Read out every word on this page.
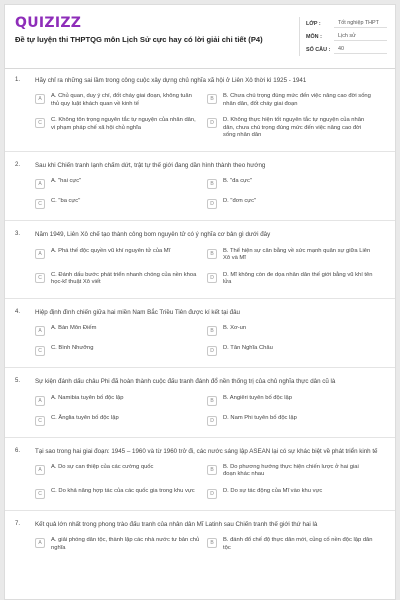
QUIZIZZ
Đề tự luyện thi THPTQG môn Lịch Sử cực hay có lời giải chi tiết (P4)
LỚP :	Tốt nghiệp THPT
MÔN :	Lịch sử
SỐ CÂU :	40
1. Hãy chỉ ra những sai lầm trong công cuộc xây dựng chủ nghĩa xã hội ở Liên Xô thời kì 1925 - 1941
A	A. Chủ quan, duy ý chí, đốt cháy giai đoạn, không tuân thủ quy luật khách quan về kinh tế
B	B. Chưa chú trọng đúng mức đến việc nâng cao đời sống nhân dân, đốt cháy giai đoạn
C	C. Không tôn trọng nguyên tắc tự nguyện của nhân dân, vi phạm pháp chế xã hội chủ nghĩa
D	D. Không thực hiện tốt nguyên tắc tự nguyện của nhân dân, chưa chú trọng đúng mức đến việc nâng cao đời sống nhân dân
2. Sau khi Chiến tranh lạnh chấm dứt, trật tự thế giới đang dần hình thành theo hướng
A	A. "hai cực"	B	B. "đa cực"
C	C. "ba cực"	D	D. "đơn cực"
3. Năm 1949, Liên Xô chế tạo thành công bom nguyên tử có ý nghĩa cơ bản gì dưới đây
A	A. Phá thế độc quyền vũ khí nguyên tử của Mĩ	B	B. Thể hiện sự cân bằng về sức mạnh quân sự giữa Liên Xô và Mĩ
C	C. Đánh dấu bước phát triển nhanh chóng của nền khoa học-kĩ thuật Xô viết
D	D. Mĩ không còn đe dọa nhân dân thế giới bằng vũ khí tên lửa
4. Hiệp định đình chiến giữa hai miền Nam Bắc Triều Tiên được kí kết tại đâu
A	A. Bàn Môn Điếm	B	B. Xơ-un
C	C. Bình Nhưỡng	D	D. Tân Nghĩa Châu
5. Sự kiện đánh dấu châu Phi đã hoàn thành cuộc đấu tranh đánh đổ nền thống trị của chủ nghĩa thực dân cũ là
A	A. Namibia tuyên bố độc lập	B	B. Angiêri tuyên bố độc lập
C	C. Ănglia tuyên bố độc lập	D	D. Nam Phi tuyên bố độc lập
6. Tại sao trong hai giai đoạn: 1945 – 1960 và từ 1960 trở đi, các nước sáng lập ASEAN lại có sự khác biệt về phát triển kinh tế
A	A. Do sự can thiệp của các cường quốc	B	B. Do phương hướng thực hiện chiến lược ở hai giai đoạn khác nhau
C	C. Do khả năng hợp tác của các quốc gia trong khu vực	D	D. Do sự tác động của Mĩ vào khu vực
7. Kết quả lớn nhất trong phong trào đấu tranh của nhân dân Mĩ Latinh sau Chiến tranh thế giới thứ hai là
A	A. giải phóng dân tộc, thành lập các nhà nước tư bản chủ nghĩa
B	B. đánh đổ chế độ thực dân mới, củng cố nền độc lập dân tộc
